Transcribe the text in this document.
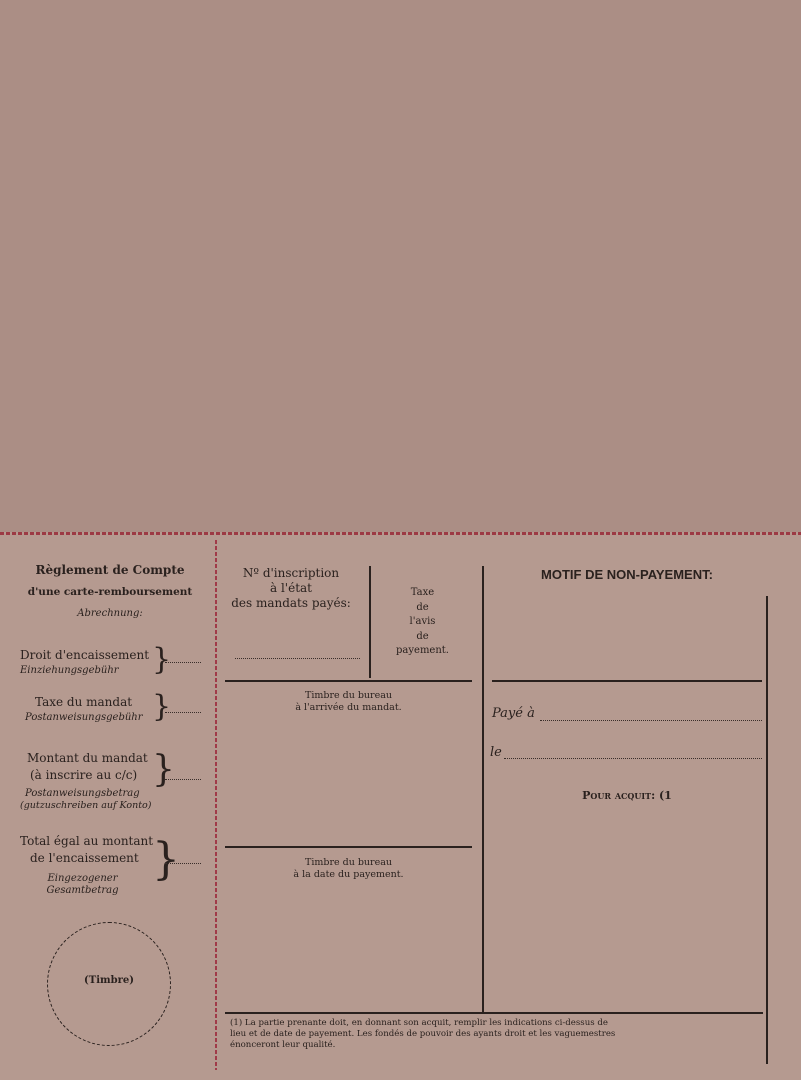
Règlement de Compte
d'une carte-remboursement
Abrechnung:
Droit d'encaissement
Einziehungsgebühr	}
Taxe du mandat
Postanweisungsgebühr }
Montant du mandat
(à inscrire au c/c)
Postanweisungsbetrag
(gutzuschreiben auf Konto)
}
Total égal au montant
de l'encaissement
Eingezogener
Gesamtbetrag
}
(Timbre)
Nº d'inscription
à l'état
des mandats payés:
Taxe
de
l'avis
de
payement.
Timbre du bureau
à l'arrivée du mandat.
Timbre du bureau
à la date du payement.
MOTIF DE NON-PAYEMENT:
Payé à
le
Pour acquit: (1
(1) La partie prenante doit, en donnant son acquit, remplir les indications ci-dessus de
lieu et de date de payement. Les fondés de pouvoir des ayants droit et les vaguemestres
énonceront leur qualité.
